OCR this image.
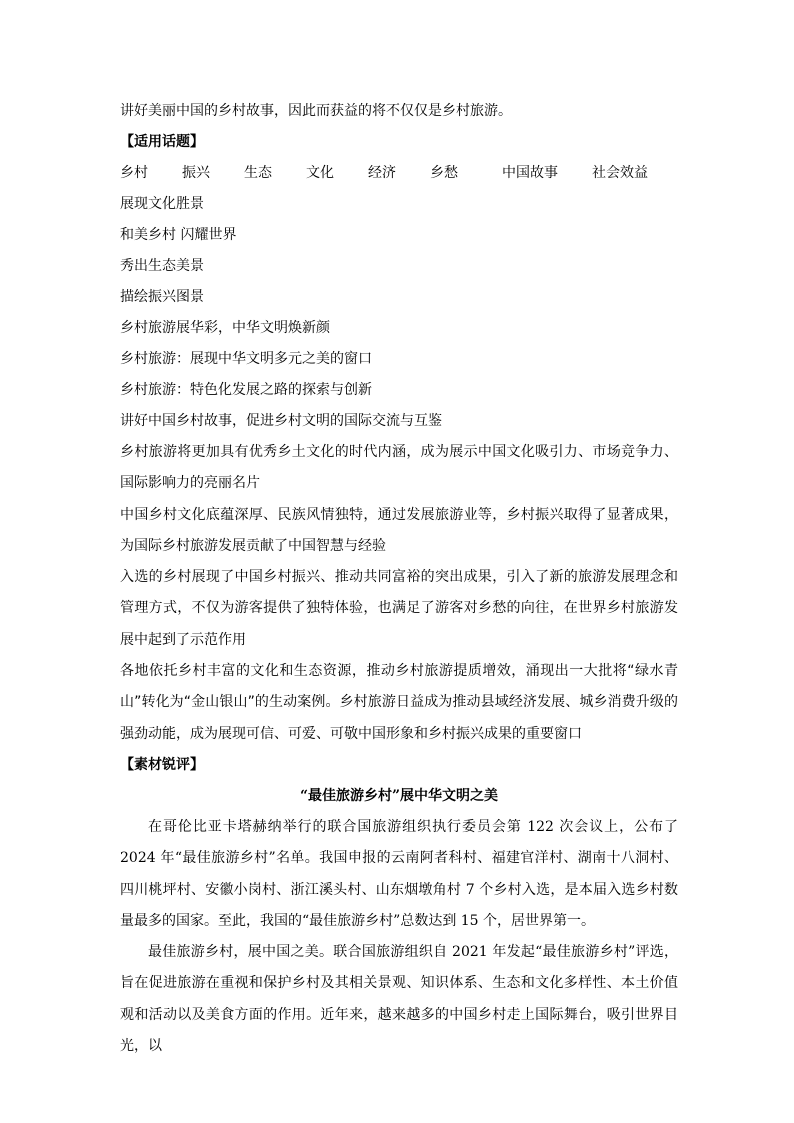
讲好美丽中国的乡村故事，因此而获益的将不仅仅是乡村旅游。

【适用话题】

乡村	振兴	生态	文化	经济	乡愁	中国故事	社会效益

展现文化胜景

和美乡村 闪耀世界

秀出生态美景

描绘振兴图景

乡村旅游展华彩，中华文明焕新颜

乡村旅游：展现中华文明多元之美的窗口

乡村旅游：特色化发展之路的探索与创新

讲好中国乡村故事，促进乡村文明的国际交流与互鉴

乡村旅游将更加具有优秀乡土文化的时代内涵，成为展示中国文化吸引力、市场竞争力、国际影响力的亮丽名片

中国乡村文化底蕴深厚、民族风情独特，通过发展旅游业等，乡村振兴取得了显著成果，为国际乡村旅游发展贡献了中国智慧与经验

入选的乡村展现了中国乡村振兴、推动共同富裕的突出成果，引入了新的旅游发展理念和管理方式，不仅为游客提供了独特体验，也满足了游客对乡愁的向往，在世界乡村旅游发展中起到了示范作用

各地依托乡村丰富的文化和生态资源，推动乡村旅游提质增效，涌现出一大批将“绿水青山”转化为“金山银山”的生动案例。乡村旅游日益成为推动县域经济发展、城乡消费升级的强劲动能，成为展现可信、可爱、可敬中国形象和乡村振兴成果的重要窗口

【素材锐评】

“最佳旅游乡村”展中华文明之美

在哥伦比亚卡塔赫纳举行的联合国旅游组织执行委员会第 122 次会议上，公布了 2024 年“最佳旅游乡村”名单。我国申报的云南阿者科村、福建官洋村、湖南十八洞村、四川桃坪村、安徽小岗村、浙江溪头村、山东烟墩角村 7 个乡村入选，是本届入选乡村数量最多的国家。至此，我国的“最佳旅游乡村”总数达到 15 个，居世界第一。

最佳旅游乡村，展中国之美。联合国旅游组织自 2021 年发起“最佳旅游乡村”评选，旨在促进旅游在重视和保护乡村及其相关景观、知识体系、生态和文化多样性、本土价值观和活动以及美食方面的作用。近年来，越来越多的中国乡村走上国际舞台，吸引世界目光，以
